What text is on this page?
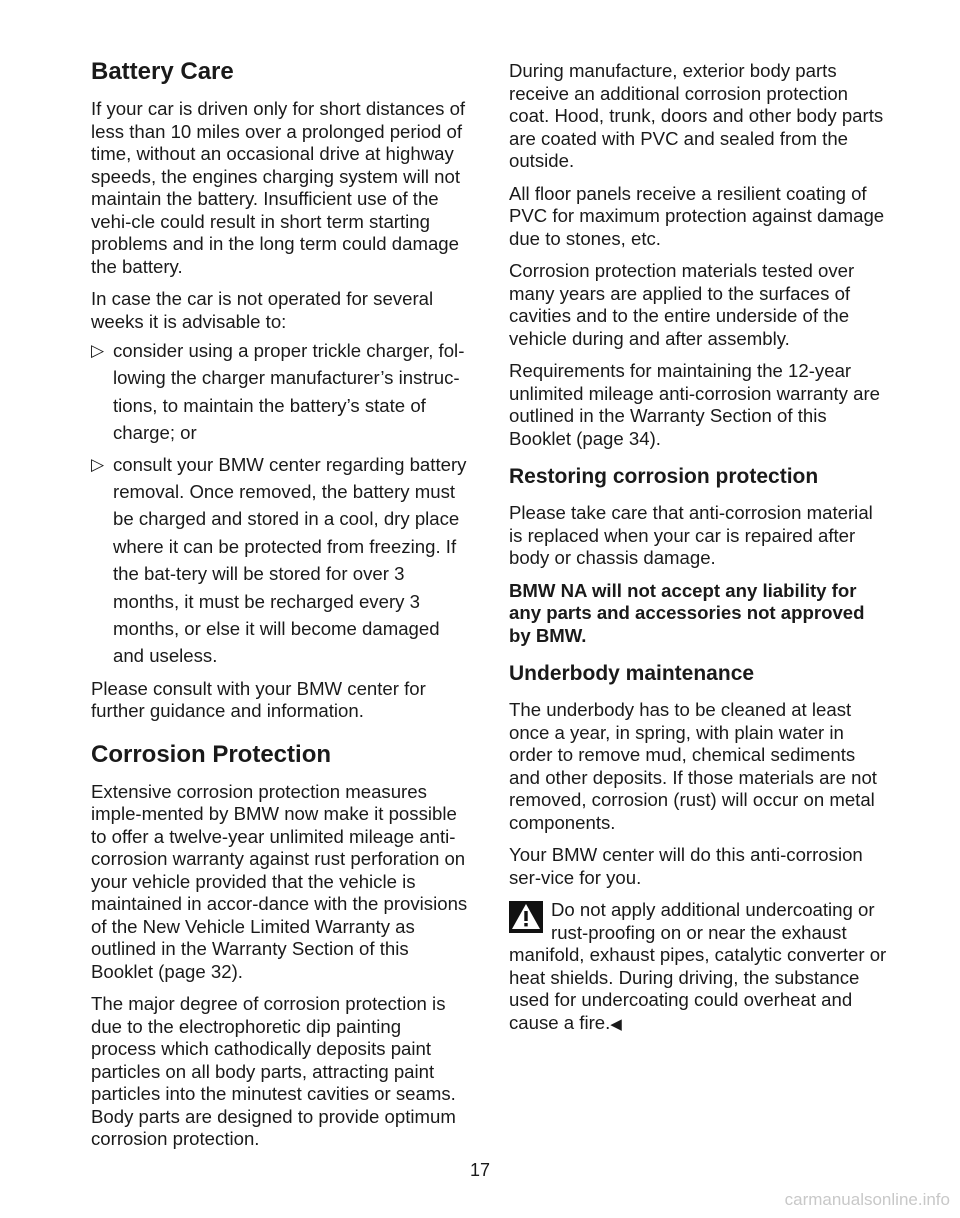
Battery Care

If your car is driven only for short distances of less than 10 miles over a prolonged period of time, without an occasional drive at highway speeds, the engines charging system will not maintain the battery. Insufficient use of the vehi-cle could result in short term starting problems and in the long term could damage the battery.

In case the car is not operated for several weeks it is advisable to:

▷ consider using a proper trickle charger, fol-lowing the charger manufacturer’s instruc-tions, to maintain the battery’s state of charge; or
▷ consult your BMW center regarding battery removal. Once removed, the battery must be charged and stored in a cool, dry place where it can be protected from freezing. If the bat-tery will be stored for over 3 months, it must be recharged every 3 months, or else it will become damaged and useless.

Please consult with your BMW center for further guidance and information.

Corrosion Protection

Extensive corrosion protection measures imple-mented by BMW now make it possible to offer a twelve-year unlimited mileage anti-corrosion warranty against rust perforation on your vehicle provided that the vehicle is maintained in accor-dance with the provisions of the New Vehicle Limited Warranty as outlined in the Warranty Section of this Booklet (page 32).

The major degree of corrosion protection is due to the electrophoretic dip painting process which cathodically deposits paint particles on all body parts, attracting paint particles into the minutest cavities or seams. Body parts are designed to provide optimum corrosion protection.

During manufacture, exterior body parts receive an additional corrosion protection coat. Hood, trunk, doors and other body parts are coated with PVC and sealed from the outside.

All floor panels receive a resilient coating of PVC for maximum protection against damage due to stones, etc.

Corrosion protection materials tested over many years are applied to the surfaces of cavities and to the entire underside of the vehicle during and after assembly.

Requirements for maintaining the 12-year unlimited mileage anti-corrosion warranty are outlined in the Warranty Section of this Booklet (page 34).

Restoring corrosion protection

Please take care that anti-corrosion material is replaced when your car is repaired after body or chassis damage.

BMW NA will not accept any liability for any parts and accessories not approved by BMW.

Underbody maintenance

The underbody has to be cleaned at least once a year, in spring, with plain water in order to remove mud, chemical sediments and other deposits. If those materials are not removed, corrosion (rust) will occur on metal components.

Your BMW center will do this anti-corrosion ser-vice for you.

Do not apply additional undercoating or rust-proofing on or near the exhaust manifold, exhaust pipes, catalytic converter or heat shields. During driving, the substance used for undercoating could overheat and cause a fire.◀
17
carmanualsonline.info
